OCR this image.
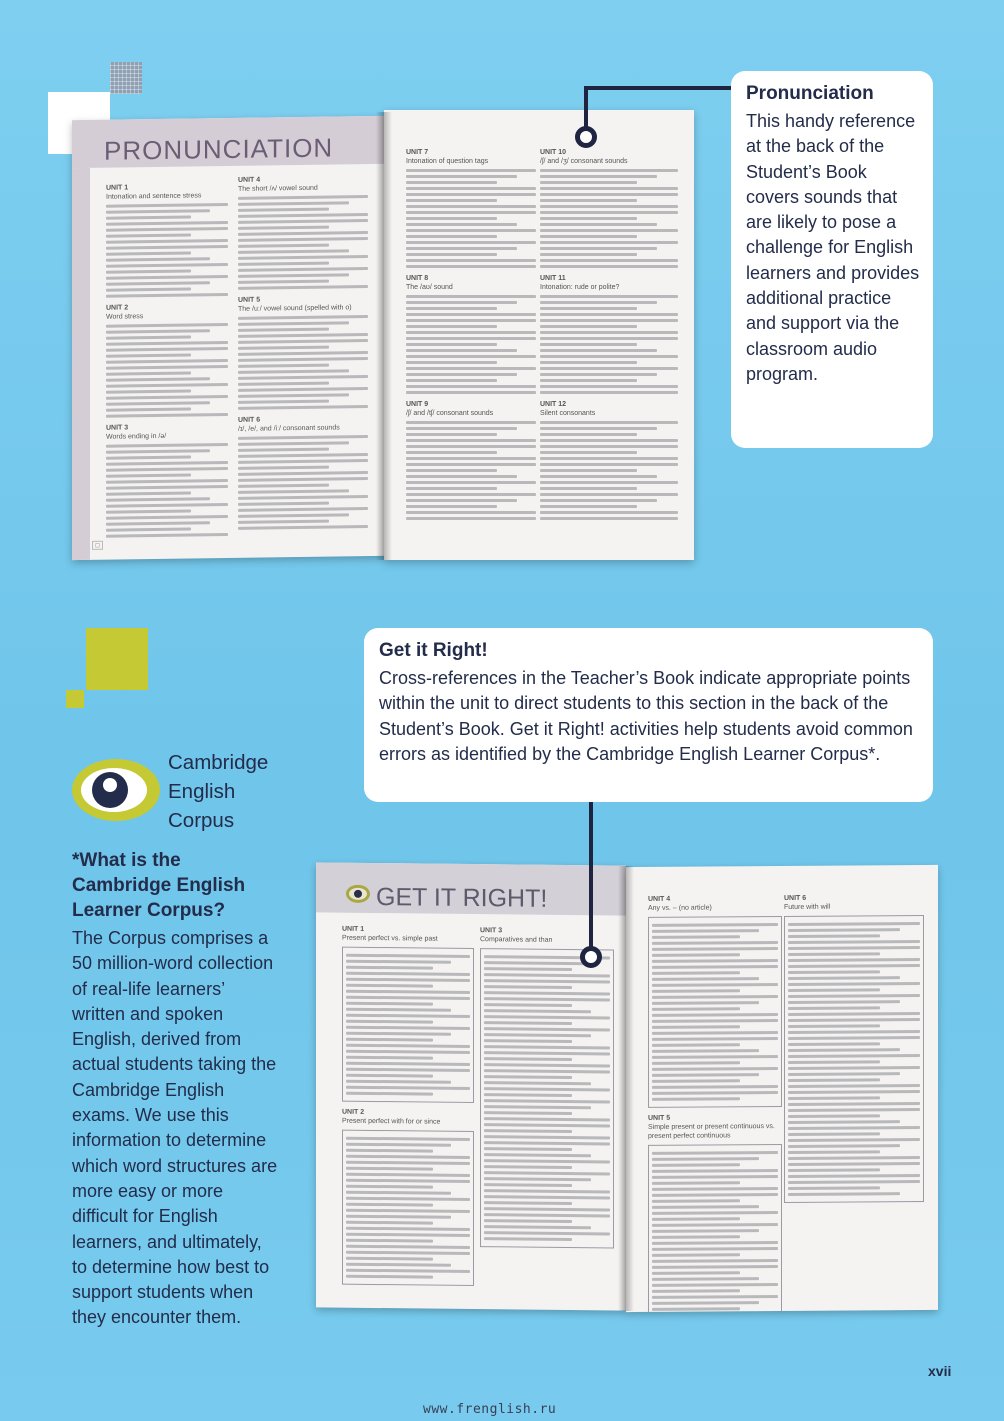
PRONUNCIATION
UNIT 1
Intonation and sentence stress
UNIT 2
Word stress
UNIT 3
Words ending in /ə/
UNIT 4
The short /ʌ/ vowel sound
UNIT 5
The /uː/ vowel sound (spelled with o)
UNIT 6
/ɪ/, /e/, and /iː/ consonant sounds
◻
UNIT 7
Intonation of question tags
UNIT 8
The /aʊ/ sound
UNIT 9
/ʃ/ and /tʃ/ consonant sounds
UNIT 10
/ʃ/ and /ʒ/ consonant sounds
UNIT 11
Intonation: rude or polite?
UNIT 12
Silent consonants
Pronunciation

This handy reference at the back of the Student’s Book covers sounds that are likely to pose a challenge for English learners and provides additional practice and support via the classroom audio program.

Get it Right!

Cross-references in the Teacher’s Book indicate appropriate points within the unit to direct students to this section in the back of the Student’s Book. Get it Right! activities help students avoid common errors as identified by the Cambridge English Learner Corpus*.

GET IT RIGHT!
UNIT 1
Present perfect vs. simple past
UNIT 2
Present perfect with for or since
UNIT 3
Comparatives and than
UNIT 4
Any vs. – (no article)
UNIT 5
Simple present or present continuous vs. present perfect continuous
UNIT 6
Future with will
Cambridge
English
Corpus
*What is the Cambridge English Learner Corpus?
The Corpus comprises a 50 million-word collection of real-life learners’ written and spoken English, derived from actual students taking the Cambridge English exams. We use this information to determine which word structures are more easy or more difficult for English learners, and ultimately, to determine how best to support students when they encounter them.
xvii
www.frenglish.ru
